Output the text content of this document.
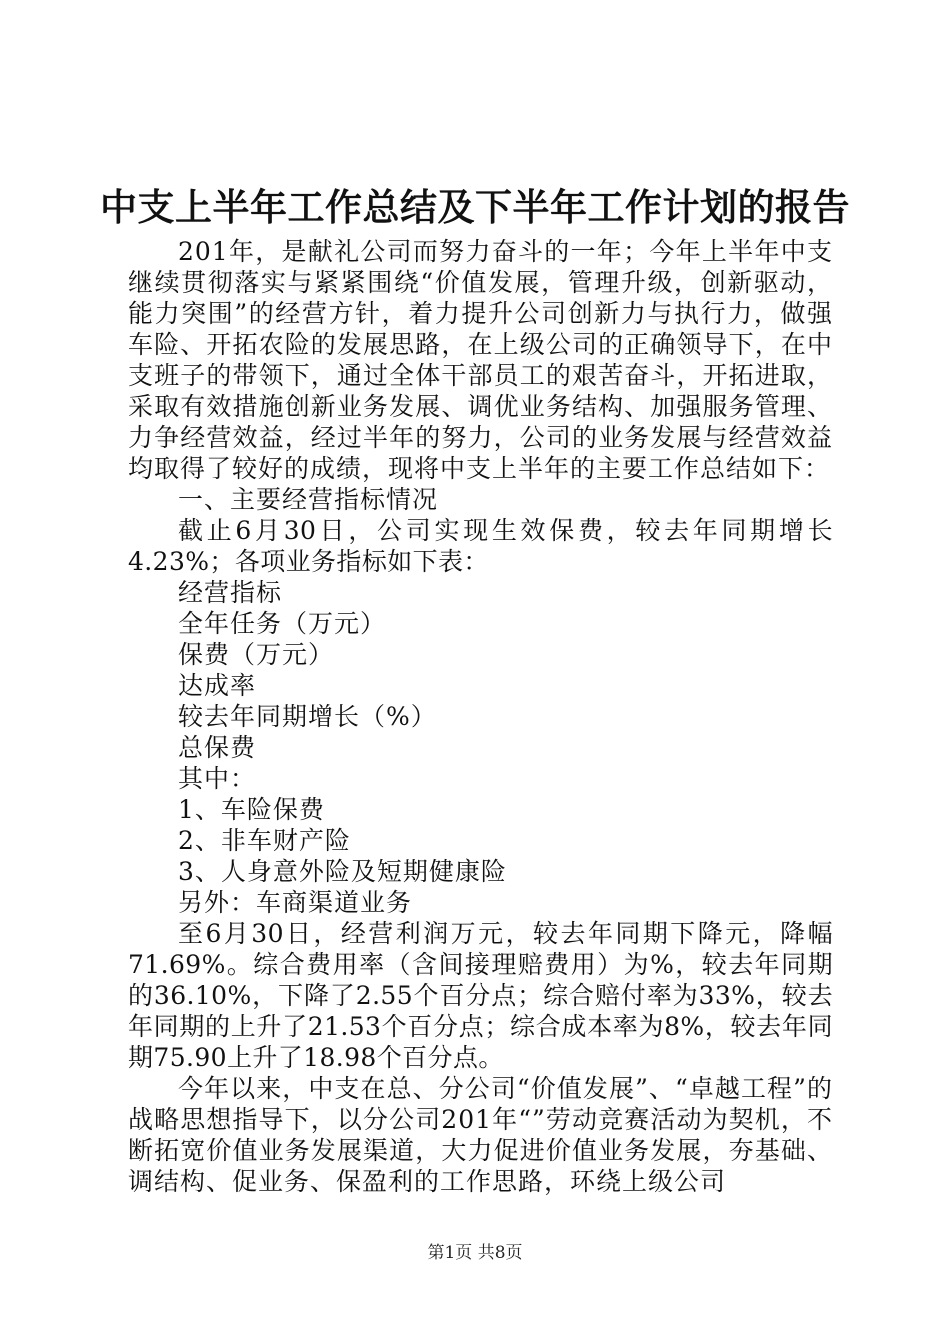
中支上半年工作总结及下半年工作计划的报告

201年，是献礼公司而努力奋斗的一年；今年上半年中支继续贯彻落实与紧紧围绕“价值发展，管理升级，创新驱动，能力突围”的经营方针，着力提升公司创新力与执行力，做强车险、开拓农险的发展思路，在上级公司的正确领导下，在中支班子的带领下，通过全体干部员工的艰苦奋斗，开拓进取，采取有效措施创新业务发展、调优业务结构、加强服务管理、力争经营效益，经过半年的努力，公司的业务发展与经营效益均取得了较好的成绩，现将中支上半年的主要工作总结如下：

一、主要经营指标情况

截止6月30日，公司实现生效保费，较去年同期增长4.23%；各项业务指标如下表：

经营指标

全年任务（万元）

保费（万元）

达成率

较去年同期增长（%）

总保费

其中：

1、车险保费

2、非车财产险

3、人身意外险及短期健康险

另外：车商渠道业务

至6月30日，经营利润万元，较去年同期下降元，降幅71.69%。综合费用率（含间接理赔费用）为%，较去年同期的36.10%，下降了2.55个百分点；综合赔付率为33%，较去年同期的上升了21.53个百分点；综合成本率为8%，较去年同期75.90上升了18.98个百分点。

今年以来，中支在总、分公司“价值发展”、“卓越工程”的战略思想指导下，以分公司201年“”劳动竞赛活动为契机，不断拓宽价值业务发展渠道，大力促进价值业务发展，夯基础、调结构、促业务、保盈利的工作思路，环绕上级公司

第1页 共8页
